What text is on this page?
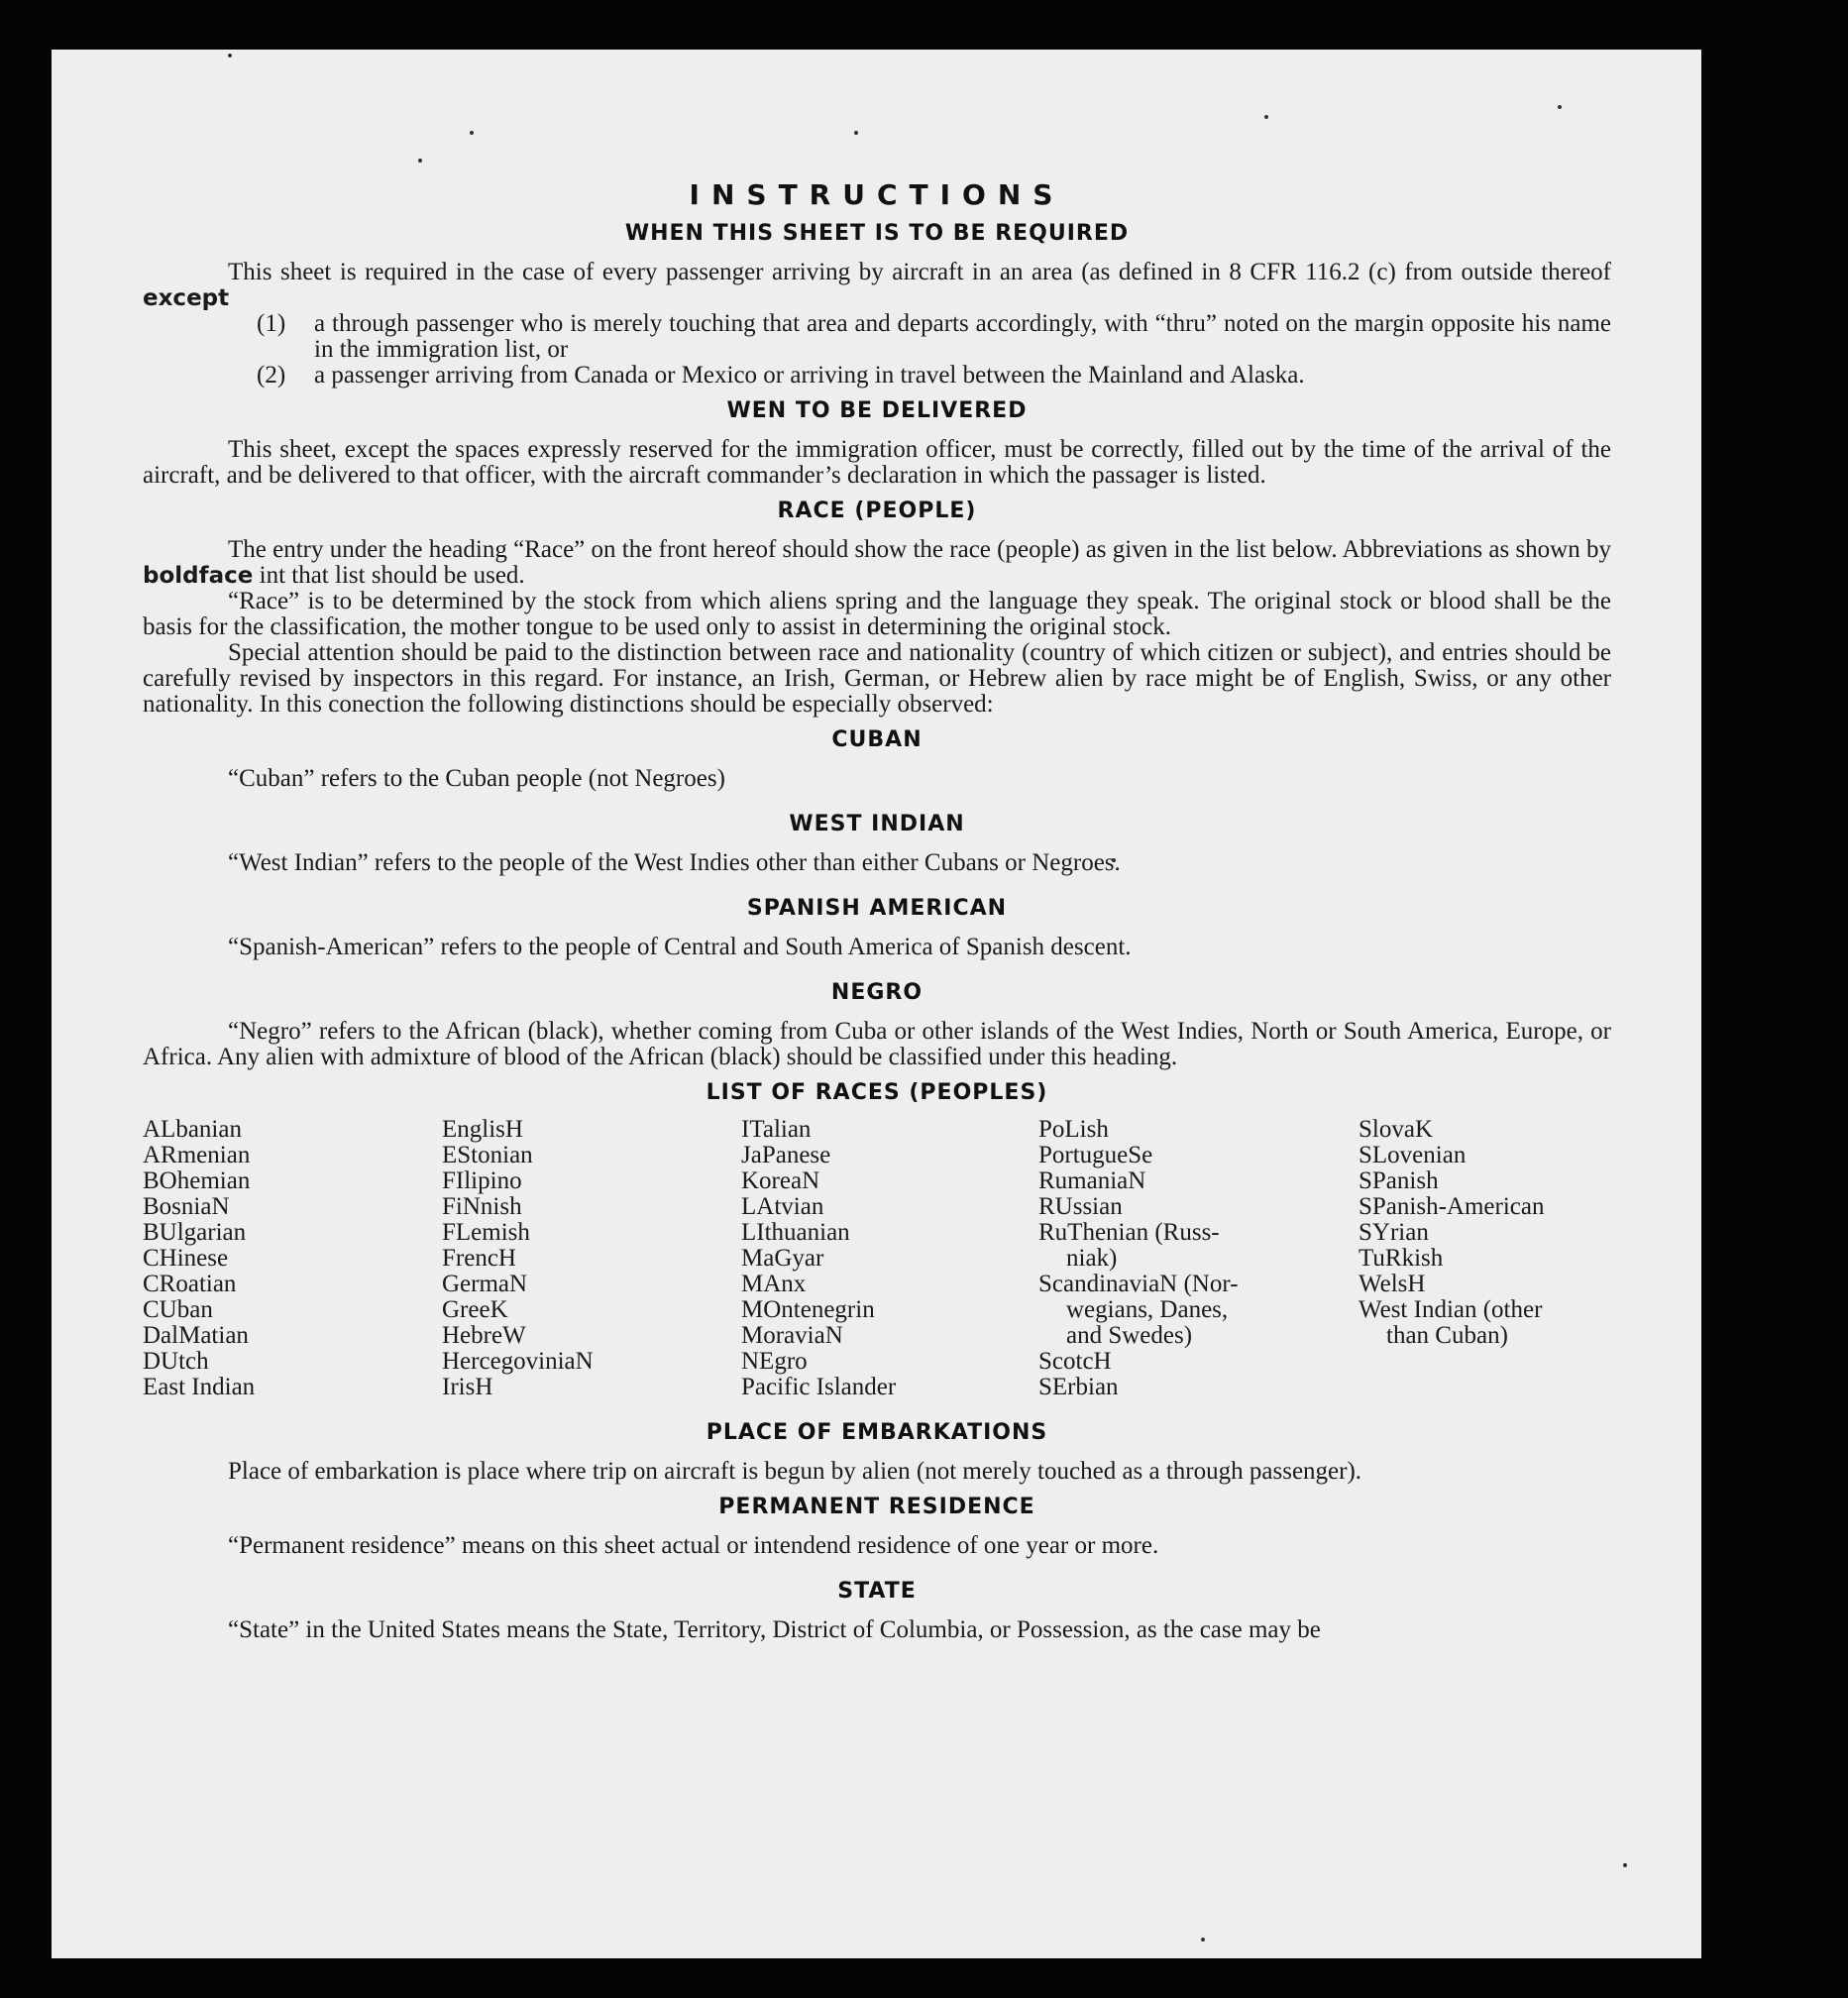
INSTRUCTIONS
WHEN THIS SHEET IS TO BE REQUIRED

This sheet is required in the case of every passenger arriving by aircraft in an area (as defined in 8 CFR 116.2 (c) from outside thereof except

(1)	a through passenger who is merely touching that area and departs accordingly, with “thru” noted on the margin opposite his name in the immigration list, or
(2)	a passenger arriving from Canada or Mexico or arriving in travel between the Mainland and Alaska.
WEN TO BE DELIVERED

This sheet, except the spaces expressly reserved for the immigration officer, must be correctly, filled out by the time of the arrival of the aircraft, and be delivered to that officer, with the aircraft commander’s declaration in which the passager is listed.

RACE (PEOPLE)

The entry under the heading “Race” on the front hereof should show the race (people) as given in the list below. Abbreviations as shown by boldface int that list should be used.

“Race” is to be determined by the stock from which aliens spring and the language they speak. The original stock or blood shall be the basis for the classification, the mother tongue to be used only to assist in determining the original stock.

Special attention should be paid to the distinction between race and nationality (country of which citizen or subject), and entries should be carefully revised by inspectors in this regard. For instance, an Irish, German, or Hebrew alien by race might be of English, Swiss, or any other nationality. In this conection the following distinctions should be especially observed:

CUBAN

“Cuban” refers to the Cuban people (not Negroes)

WEST INDIAN

“West Indian” refers to the people of the West Indies other than either Cubans or Negroes.

SPANISH AMERICAN

“Spanish-American” refers to the people of Central and South America of Spanish descent.

NEGRO

“Negro” refers to the African (black), whether coming from Cuba or other islands of the West Indies, North or South America, Europe, or Africa. Any alien with admixture of blood of the African (black) should be classified under this heading.

LIST OF RACES (PEOPLES)
ALbanian
ARmenian
BOhemian
BosniaN
BUlgarian
CHinese
CRoatian
CUban
DalMatian
DUtch
East Indian
EnglisH
EStonian
FIlipino
FiNnish
FLemish
FrencH
GermaN
GreeK
HebreW
HercegoviniaN
IrisH
ITalian
JaPanese
KoreaN
LAtvian
LIthuanian
MaGyar
MAnx
MOntenegrin
MoraviaN
NEgro
Pacific Islander
PoLish
PortugueSe
RumaniaN
RUssian
RuThenian (Russ-
niak)
ScandinaviaN (Nor-
wegians, Danes,
and Swedes)
ScotcH
SErbian
SlovaK
SLovenian
SPanish
SPanish-American
SYrian
TuRkish
WelsH
West Indian (other
than Cuban)
PLACE OF EMBARKATIONS

Place of embarkation is place where trip on aircraft is begun by alien (not merely touched as a through passenger).

PERMANENT RESIDENCE

“Permanent residence” means on this sheet actual or intendend residence of one year or more.

STATE

“State” in the United States means the State, Territory, District of Columbia, or Possession, as the case may be
